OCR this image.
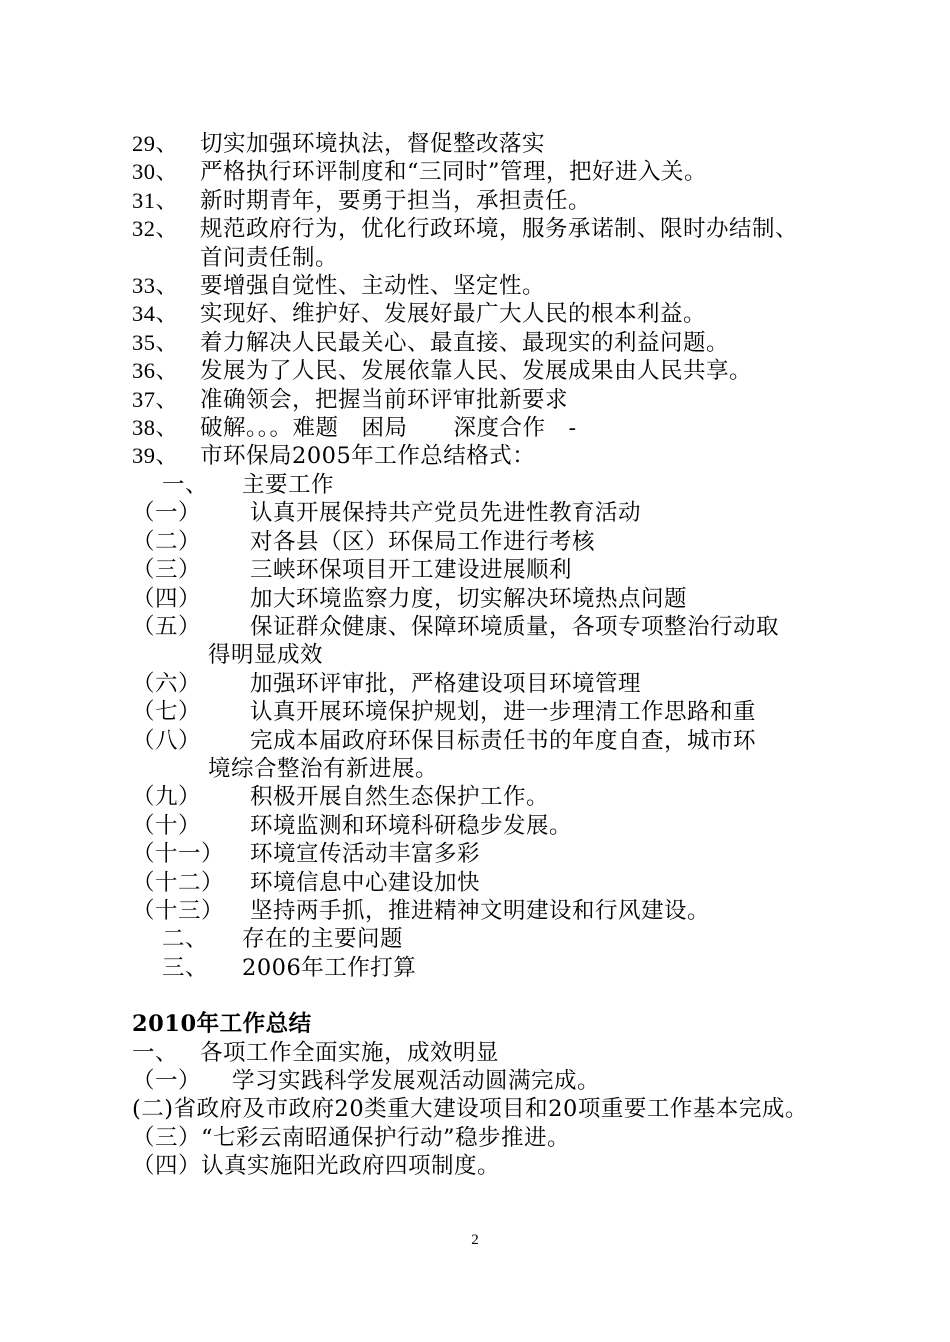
29、 切实加强环境执法，督促整改落实
30、 严格执行环评制度和“三同时”管理，把好进入关。
31、 新时期青年，要勇于担当，承担责任。
32、 规范政府行为，优化行政环境，服务承诺制、限时办结制、首问责任制。
33、 要增强自觉性、主动性、坚定性。
34、 实现好、维护好、发展好最广大人民的根本利益。
35、 着力解决人民最关心、最直接、最现实的利益问题。
36、 发展为了人民、发展依靠人民、发展成果由人民共享。
37、 准确领会，把握当前环评审批新要求
38、 破解。。。难题　困局　　深度合作　-
39、 市环保局2005年工作总结格式：
一、 主要工作
（一） 认真开展保持共产党员先进性教育活动
（二） 对各县（区）环保局工作进行考核
（三） 三峡环保项目开工建设进展顺利
（四） 加大环境监察力度，切实解决环境热点问题
（五） 保证群众健康、保障环境质量，各项专项整治行动取
得明显成效
（六） 加强环评审批，严格建设项目环境管理
（七） 认真开展环境保护规划，进一步理清工作思路和重
（八） 完成本届政府环保目标责任书的年度自查，城市环
境综合整治有新进展。
（九） 积极开展自然生态保护工作。
（十） 环境监测和环境科研稳步发展。
（十一） 环境宣传活动丰富多彩
（十二） 环境信息中心建设加快
（十三） 坚持两手抓，推进精神文明建设和行风建设。
二、 存在的主要问题
三、 2006年工作打算
2010年工作总结
一、 各项工作全面实施，成效明显
（一） 学习实践科学发展观活动圆满完成。
(二)省政府及市政府20类重大建设项目和20项重要工作基本完成。
（三）“七彩云南昭通保护行动”稳步推进。
（四）认真实施阳光政府四项制度。
2
